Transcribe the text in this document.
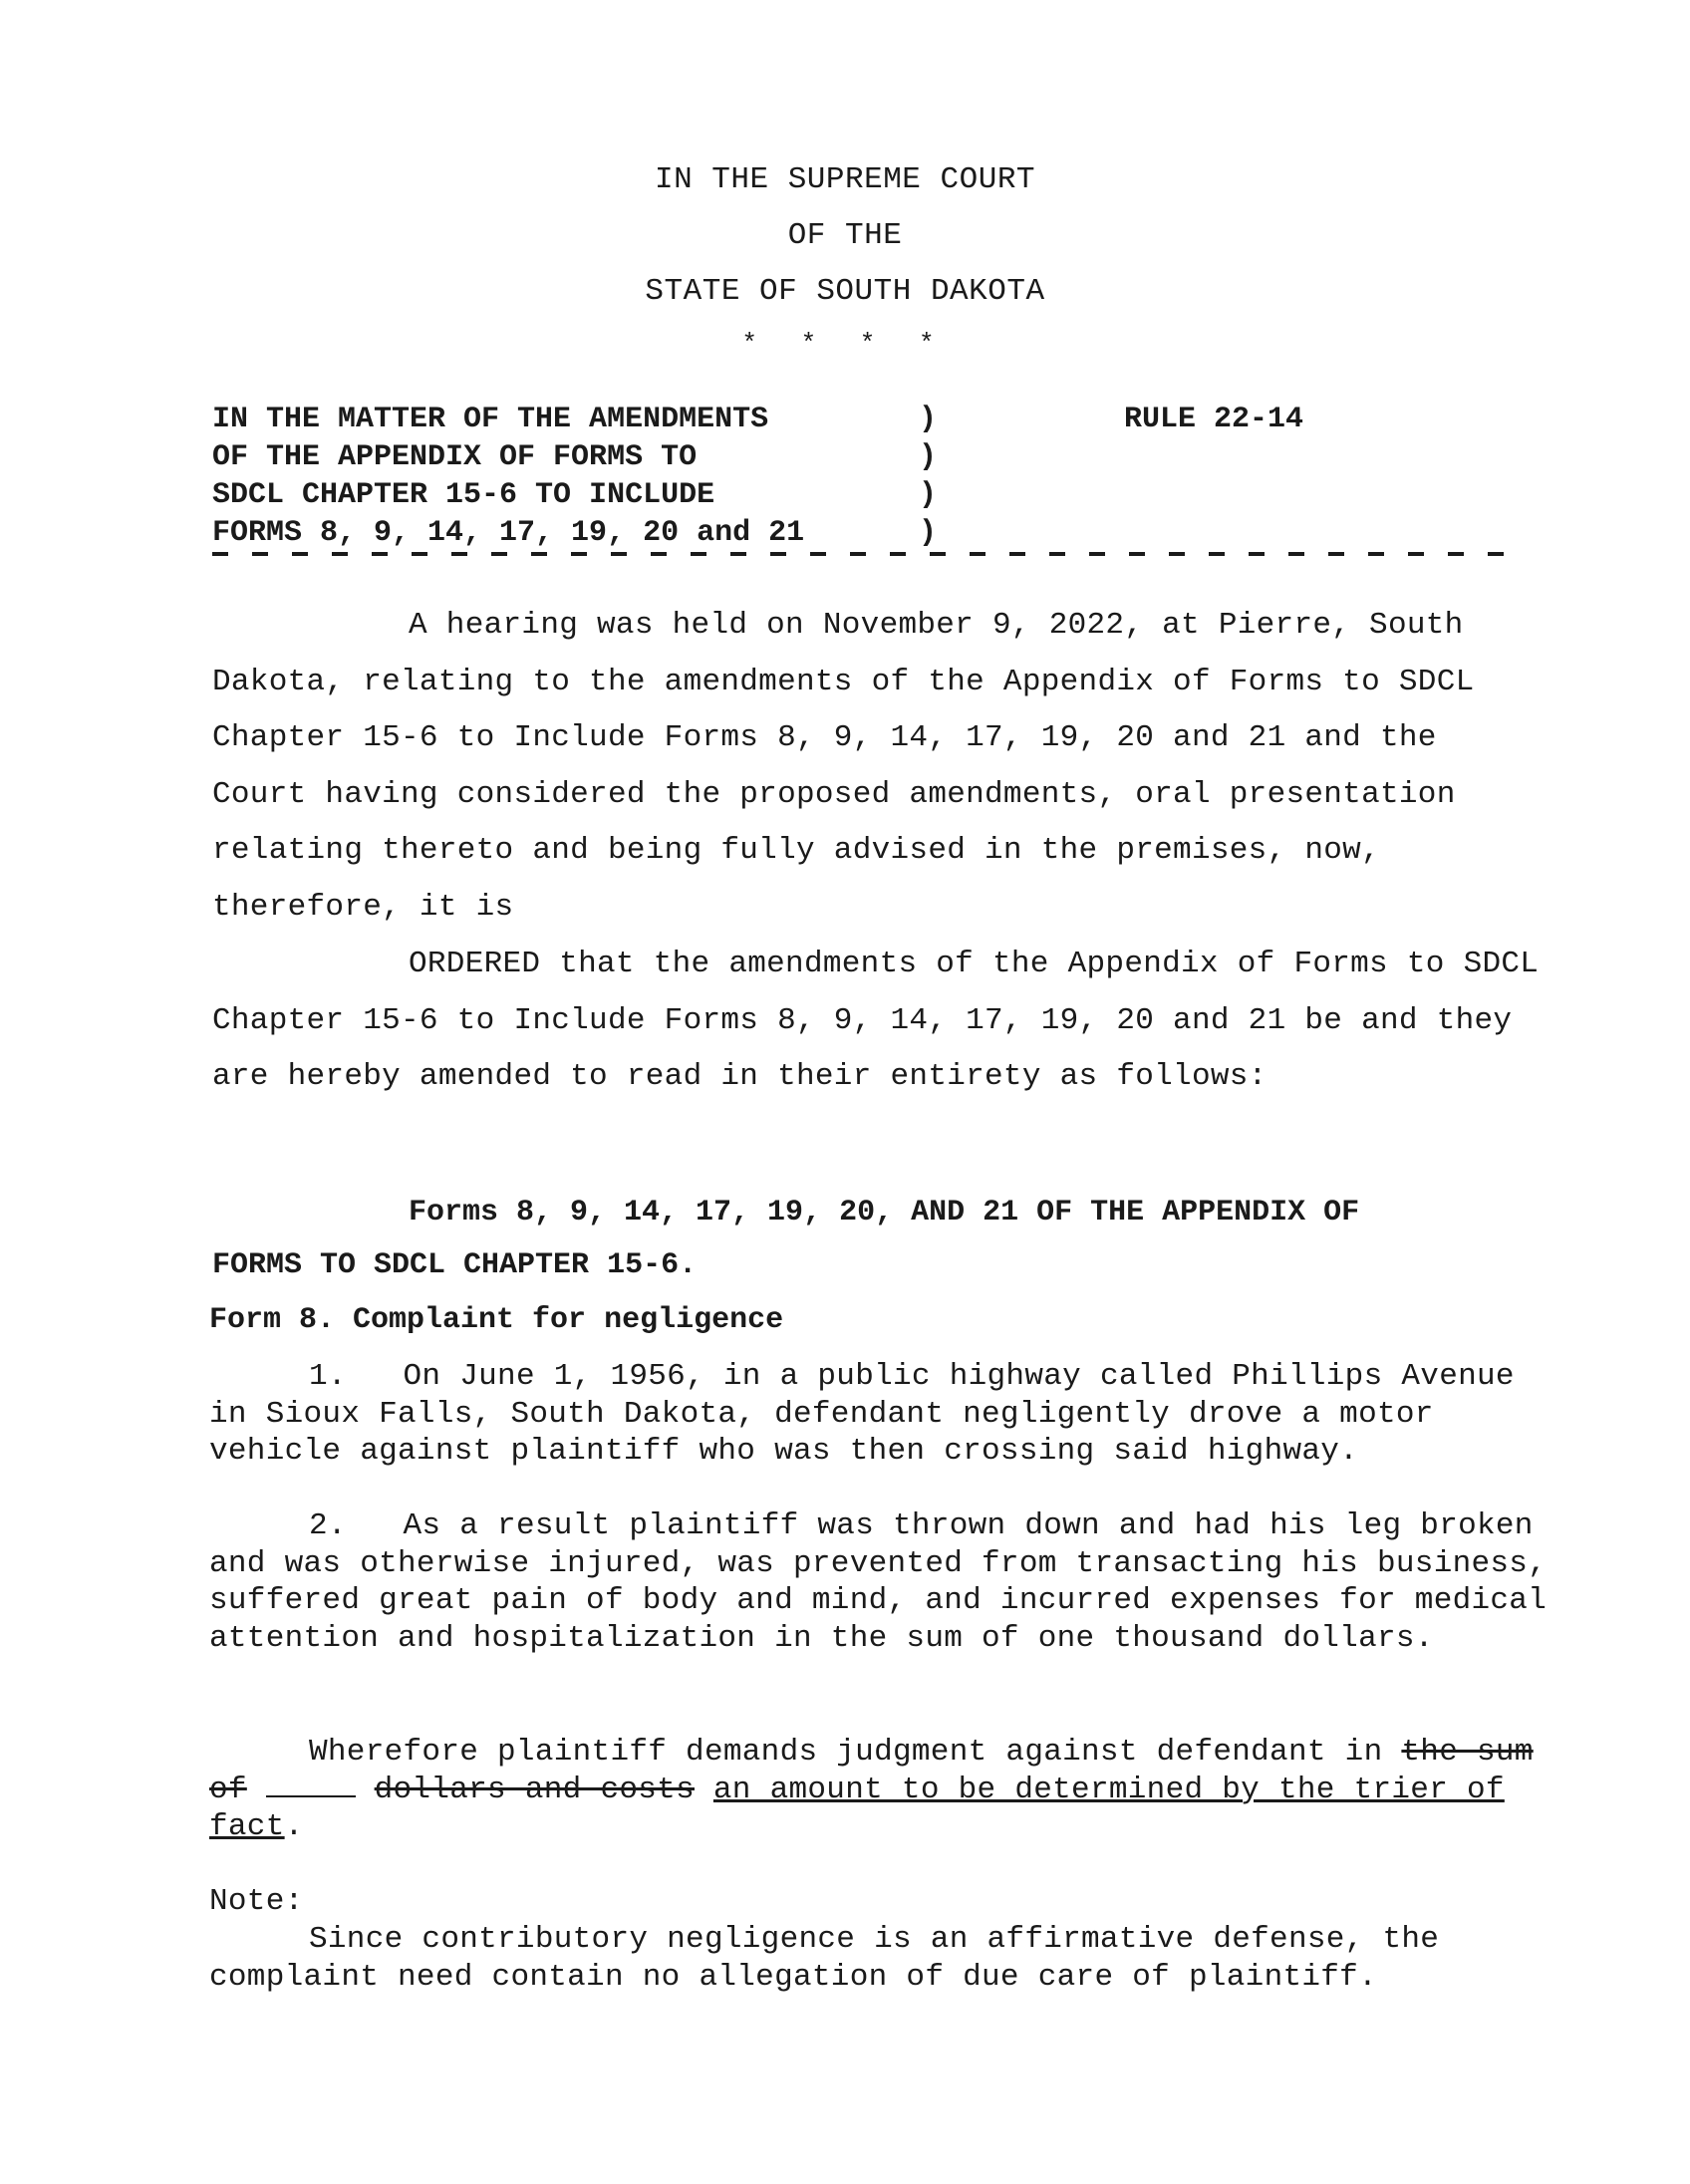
IN THE SUPREME COURT
OF THE
STATE OF SOUTH DAKOTA
* * * *
IN THE MATTER OF THE AMENDMENTS
OF THE APPENDIX OF FORMS TO
SDCL CHAPTER 15-6 TO INCLUDE
FORMS 8, 9, 14, 17, 19, 20 and 21
)
)
)
)
RULE 22-14
A hearing was held on November 9, 2022, at Pierre, South Dakota, relating to the amendments of the Appendix of Forms to SDCL Chapter 15-6 to Include Forms 8, 9, 14, 17, 19, 20 and 21 and the Court having considered the proposed amendments, oral presentation relating thereto and being fully advised in the premises, now, therefore, it is
ORDERED that the amendments of the Appendix of Forms to SDCL Chapter 15-6 to Include Forms 8, 9, 14, 17, 19, 20 and 21 be and they are hereby amended to read in their entirety as follows:
Forms 8, 9, 14, 17, 19, 20, AND 21 OF THE APPENDIX OF
FORMS TO SDCL CHAPTER 15-6.
Form 8. Complaint for negligence
1. On June 1, 1956, in a public highway called Phillips Avenue in Sioux Falls, South Dakota, defendant negligently drove a motor vehicle against plaintiff who was then crossing said highway.
2. As a result plaintiff was thrown down and had his leg broken and was otherwise injured, was prevented from transacting his business, suffered great pain of body and mind, and incurred expenses for medical attention and hospitalization in the sum of one thousand dollars.
Wherefore plaintiff demands judgment against defendant in the sum of	dollars and costs an amount to be determined by the trier of fact.
Note:
Since contributory negligence is an affirmative defense, the complaint need contain no allegation of due care of plaintiff.
